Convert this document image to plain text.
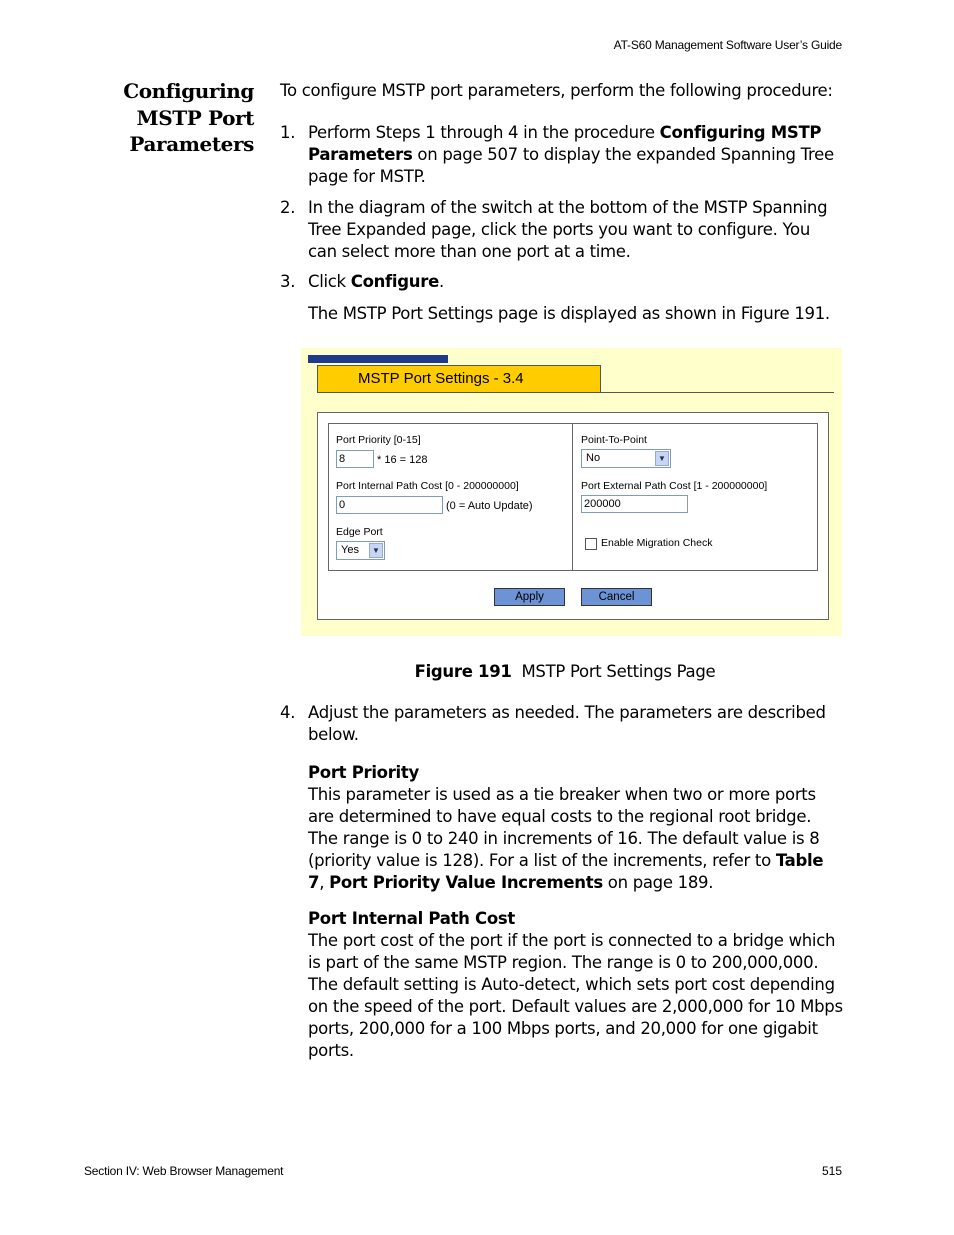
AT-S60 Management Software User’s Guide
Configuring
MSTP Port
Parameters
To configure MSTP port parameters, perform the following procedure:
1. Perform Steps 1 through 4 in the procedure Configuring MSTP Parameters on page 507 to display the expanded Spanning Tree page for MSTP.
2. In the diagram of the switch at the bottom of the MSTP Spanning Tree Expanded page, click the ports you want to configure. You can select more than one port at a time.
3. Click Configure.
The MSTP Port Settings page is displayed as shown in Figure 191.
MSTP Port Settings - 3.4
Port Priority [0-15]
8	* 16 = 128
Port Internal Path Cost [0 - 200000000]
0	(0 = Auto Update)
Edge Port
Yes	▼
Point-To-Point
No	▼
Port External Path Cost [1 - 200000000]
200000
Enable Migration Check
Apply	Cancel
Figure 191 MSTP Port Settings Page
4. Adjust the parameters as needed. The parameters are described below.
Port Priority
This parameter is used as a tie breaker when two or more ports are determined to have equal costs to the regional root bridge. The range is 0 to 240 in increments of 16. The default value is 8 (priority value is 128). For a list of the increments, refer to Table 7, Port Priority Value Increments on page 189.
Port Internal Path Cost
The port cost of the port if the port is connected to a bridge which is part of the same MSTP region. The range is 0 to 200,000,000. The default setting is Auto-detect, which sets port cost depending on the speed of the port. Default values are 2,000,000 for 10 Mbps ports, 200,000 for a 100 Mbps ports, and 20,000 for one gigabit ports.
Section IV: Web Browser Management	515
